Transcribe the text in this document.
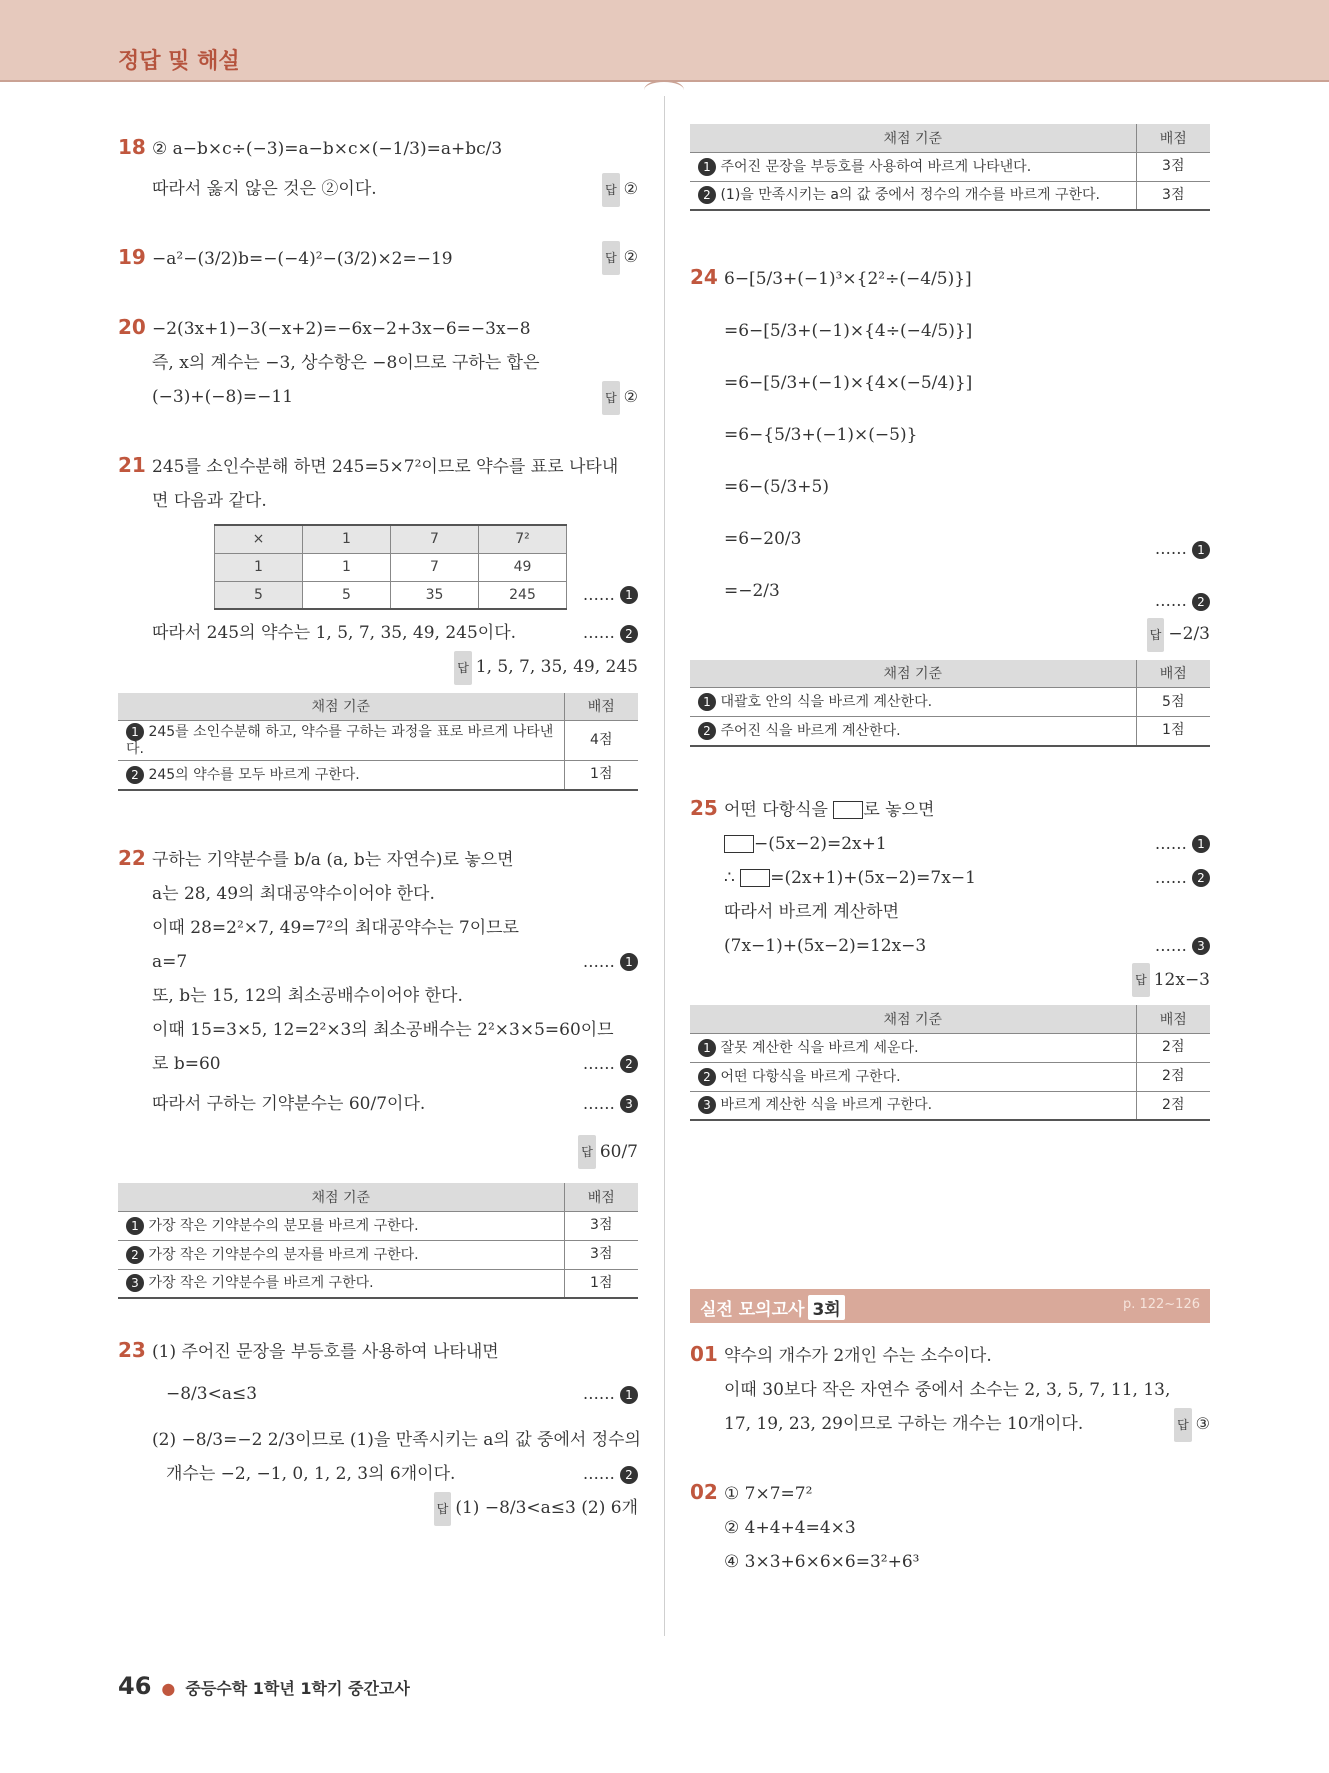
정답 및 해설
18 ② a−b×c÷(−3)=a−b×c×(−1/3)=a+bc/3
따라서 옳지 않은 것은 ②이다.	답 ②
19 −a²−(3/2)b=−(−4)²−(3/2)×2=−19	답 ②
20 −2(3x+1)−3(−x+2)=−6x−2+3x−6=−3x−8
즉, x의 계수는 −3, 상수항은 −8이므로 구하는 합은
(−3)+(−8)=−11	답 ②
21 245를 소인수분해 하면 245=5×7²이므로 약수를 표로 나타내
면 다음과 같다.
×	1	7	7²
1	1	7	49
5	5	35	245	…… 1
따라서 245의 약수는 1, 5, 7, 35, 49, 245이다.	…… 2
답 1, 5, 7, 35, 49, 245
채점 기준	배점
1 245를 소인수분해 하고, 약수를 구하는 과정을 표로 바르게 나타낸다.	4점
2 245의 약수를 모두 바르게 구한다.	1점
22 구하는 기약분수를 b/a (a, b는 자연수)로 놓으면
a는 28, 49의 최대공약수이어야 한다.
이때 28=2²×7, 49=7²의 최대공약수는 7이므로
a=7	…… 1
또, b는 15, 12의 최소공배수이어야 한다.
이때 15=3×5, 12=2²×3의 최소공배수는 2²×3×5=60이므
로 b=60	…… 2
따라서 구하는 기약분수는 60/7이다.	…… 3
답 60/7
채점 기준	배점
1 가장 작은 기약분수의 분모를 바르게 구한다.	3점
2 가장 작은 기약분수의 분자를 바르게 구한다.	3점
3 가장 작은 기약분수를 바르게 구한다.	1점
23 (1) 주어진 문장을 부등호를 사용하여 나타내면
−8/3<a≤3	…… 1
(2) −8/3=−2 2/3이므로 (1)을 만족시키는 a의 값 중에서 정수의
개수는 −2, −1, 0, 1, 2, 3의 6개이다.	…… 2
답 (1) −8/3<a≤3 (2) 6개
채점 기준	배점
1 주어진 문장을 부등호를 사용하여 바르게 나타낸다.	3점
2 (1)을 만족시키는 a의 값 중에서 정수의 개수를 바르게 구한다.	3점
24 6−[5/3+(−1)³×{2²÷(−4/5)}]
=6−[5/3+(−1)×{4÷(−4/5)}]
=6−[5/3+(−1)×{4×(−5/4)}]
=6−{5/3+(−1)×(−5)}
=6−(5/3+5)
=6−20/3	…… 1
=−2/3	…… 2
답 −2/3
채점 기준	배점
1 대괄호 안의 식을 바르게 계산한다.	5점
2 주어진 식을 바르게 계산한다.	1점
25 어떤 다항식을 로 놓으면
−(5x−2)=2x+1	…… 1
∴ =(2x+1)+(5x−2)=7x−1	…… 2
따라서 바르게 계산하면
(7x−1)+(5x−2)=12x−3	…… 3
답 12x−3
채점 기준	배점
1 잘못 계산한 식을 바르게 세운다.	2점
2 어떤 다항식을 바르게 구한다.	2점
3 바르게 계산한 식을 바르게 구한다.	2점
실전 모의고사 3회	p. 122~126
01 약수의 개수가 2개인 수는 소수이다.
이때 30보다 작은 자연수 중에서 소수는 2, 3, 5, 7, 11, 13,
17, 19, 23, 29이므로 구하는 개수는 10개이다.	답 ③
02 ① 7×7=7²
② 4+4+4=4×3
④ 3×3+6×6×6=3²+6³
46 ● 중등수학 1학년 1학기 중간고사
